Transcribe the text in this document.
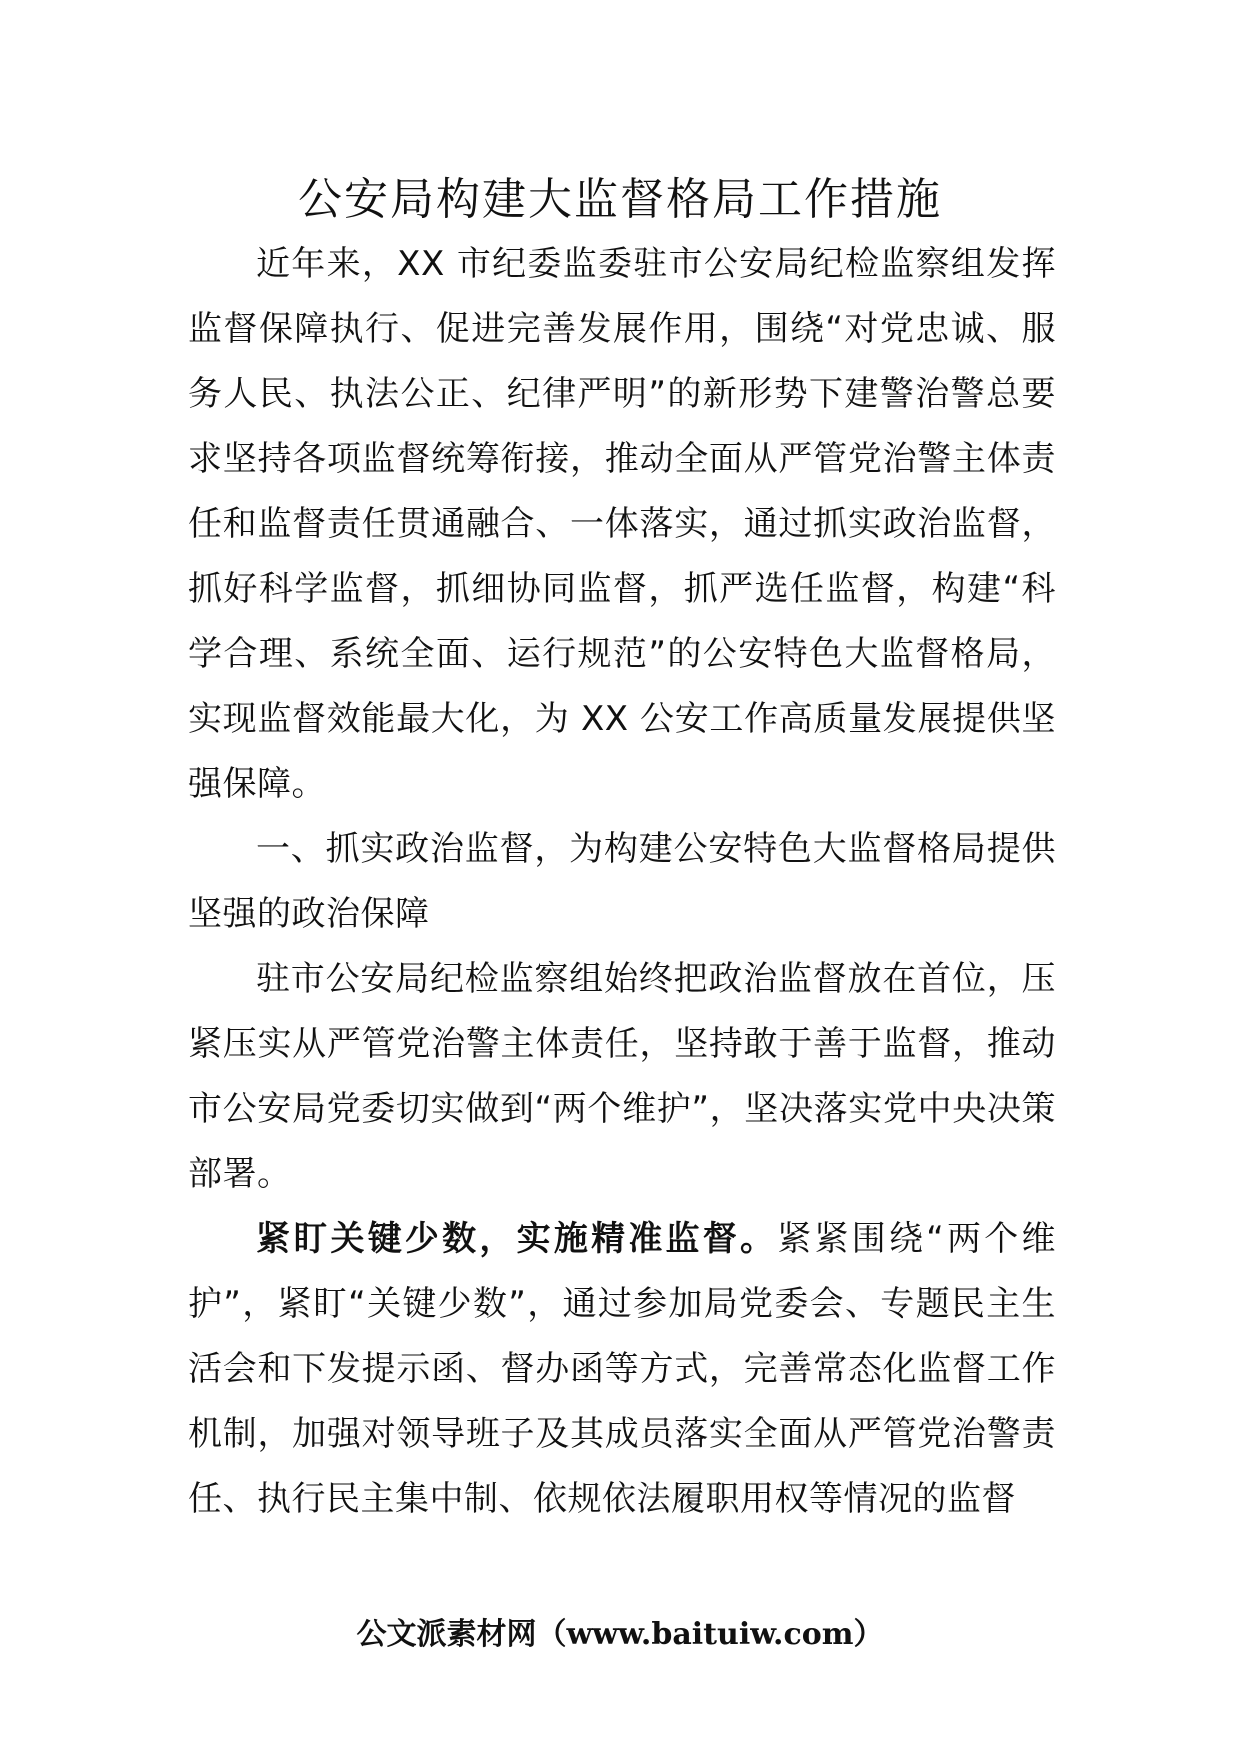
公安局构建大监督格局工作措施

近年来，XX 市纪委监委驻市公安局纪检监察组发挥监督保障执行、促进完善发展作用，围绕“对党忠诚、服务人民、执法公正、纪律严明”的新形势下建警治警总要求坚持各项监督统筹衔接，推动全面从严管党治警主体责任和监督责任贯通融合、一体落实，通过抓实政治监督，抓好科学监督，抓细协同监督，抓严选任监督，构建“科学合理、系统全面、运行规范”的公安特色大监督格局，实现监督效能最大化，为 XX 公安工作高质量发展提供坚强保障。

一、抓实政治监督，为构建公安特色大监督格局提供坚强的政治保障

驻市公安局纪检监察组始终把政治监督放在首位，压紧压实从严管党治警主体责任，坚持敢于善于监督，推动市公安局党委切实做到“两个维护”，坚决落实党中央决策部署。

紧盯关键少数，实施精准监督。紧紧围绕“两个维护”，紧盯“关键少数”，通过参加局党委会、专题民主生活会和下发提示函、督办函等方式，完善常态化监督工作机制，加强对领导班子及其成员落实全面从严管党治警责任、执行民主集中制、依规依法履职用权等情况的监督

公文派素材网（www.baituiw.com）
